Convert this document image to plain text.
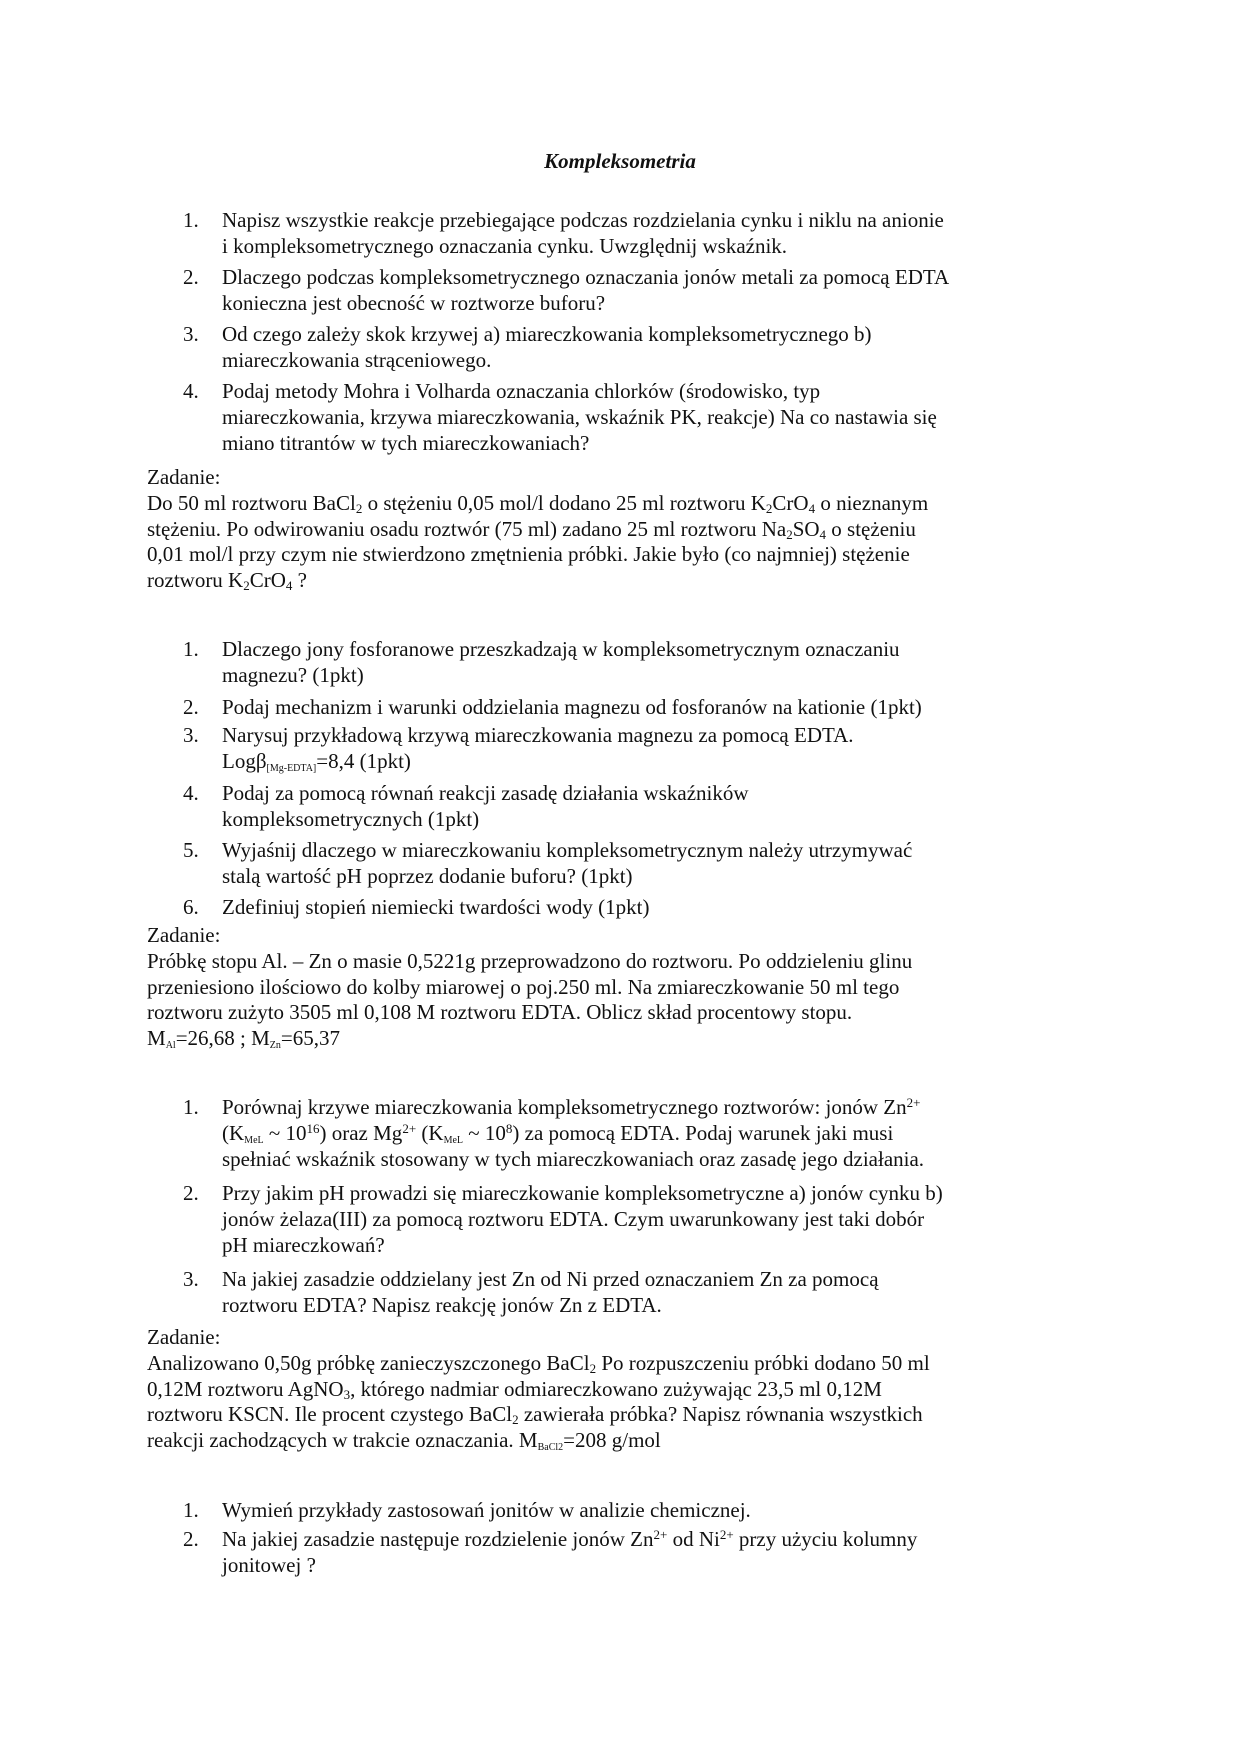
Kompleksometria
1. Napisz wszystkie reakcje przebiegające podczas rozdzielania cynku i niklu na anionie
i kompleksometrycznego oznaczania cynku. Uwzględnij wskaźnik.
2. Dlaczego podczas kompleksometrycznego oznaczania jonów metali za pomocą EDTA
konieczna jest obecność w roztworze buforu?
3. Od czego zależy skok krzywej a) miareczkowania kompleksometrycznego b)
miareczkowania strąceniowego.
4. Podaj metody Mohra i Volharda oznaczania chlorków (środowisko, typ
miareczkowania, krzywa miareczkowania, wskaźnik PK, reakcje) Na co nastawia się
miano titrantów w tych miareczkowaniach?
Zadanie:
Do 50 ml roztworu BaCl$_2$ o stężeniu 0,05 mol/l dodano 25 ml roztworu $K_2CrO_4$ o nieznanym
stężeniu. Po odwirowaniu osadu roztwór (75 ml) zadano 25 ml roztworu $Na_2SO_4$ o stężeniu
0,01 mol/l przy czym nie stwierdzono zmętnienia próbki. Jakie było (co najmniej) stężenie
roztworu $K_2CrO_4$ ?
1. Dlaczego jony fosforanowe przeszkadzają w kompleksometrycznym oznaczaniu
magnezu? (1pkt)
2. Podaj mechanizm i warunki oddzielania magnezu od fosforanów na kationie (1pkt)
3. Narysuj przykładową krzywą miareczkowania magnezu za pomocą EDTA.
Logβ$_{[Mg-EDTA]}$=8,4 (1pkt)
4. Podaj za pomocą równań reakcji zasadę działania wskaźników
kompleksometrycznych (1pkt)
5. Wyjaśnij dlaczego w miareczkowaniu kompleksometrycznym należy utrzymywać
stalą wartość pH poprzez dodanie buforu? (1pkt)
6. Zdefiniuj stopień niemiecki twardości wody (1pkt)
Zadanie:
Próbkę stopu Al. – Zn o masie 0,5221g przeprowadzono do roztworu. Po oddzieleniu glinu
przeniesiono ilościowo do kolby miarowej o poj.250 ml. Na zmiareczkowanie 50 ml tego
roztworu zużyto 3505 ml 0,108 M roztworu EDTA. Oblicz skład procentowy stopu.
$M_{Al}=26,68$ ; $M_{Zn}=65,37$
1. Porównaj krzywe miareczkowania kompleksometrycznego roztworów: jonów $Zn^{2+}$
($K_{MeL}$ ~ $10^{16}$) oraz $Mg^{2+}$ ($K_{MeL}$ ~ $10^8$) za pomocą EDTA. Podaj warunek jaki musi
spełniać wskaźnik stosowany w tych miareczkowaniach oraz zasadę jego działania.
2. Przy jakim pH prowadzi się miareczkowanie kompleksometryczne a) jonów cynku b)
jonów żelaza(III) za pomocą roztworu EDTA. Czym uwarunkowany jest taki dobór
pH miareczkowań?
3. Na jakiej zasadzie oddzielany jest Zn od Ni przed oznaczaniem Zn za pomocą
roztworu EDTA? Napisz reakcję jonów Zn z EDTA.
Zadanie:
Analizowano 0,50g próbkę zanieczyszczonego BaCl$_2$ Po rozpuszczeniu próbki dodano 50 ml
0,12M roztworu AgNO$_3$, którego nadmiar odmiareczkowano zużywając 23,5 ml 0,12M
roztworu KSCN. Ile procent czystego BaCl$_2$ zawierała próbka? Napisz równania wszystkich
reakcji zachodzących w trakcie oznaczania. $M_{BaCl2}=208$ g/mol
1. Wymień przykłady zastosowań jonitów w analizie chemicznej.
2. Na jakiej zasadzie następuje rozdzielenie jonów $Zn^{2+}$ od $Ni^{2+}$ przy użyciu kolumny
jonitowej ?
